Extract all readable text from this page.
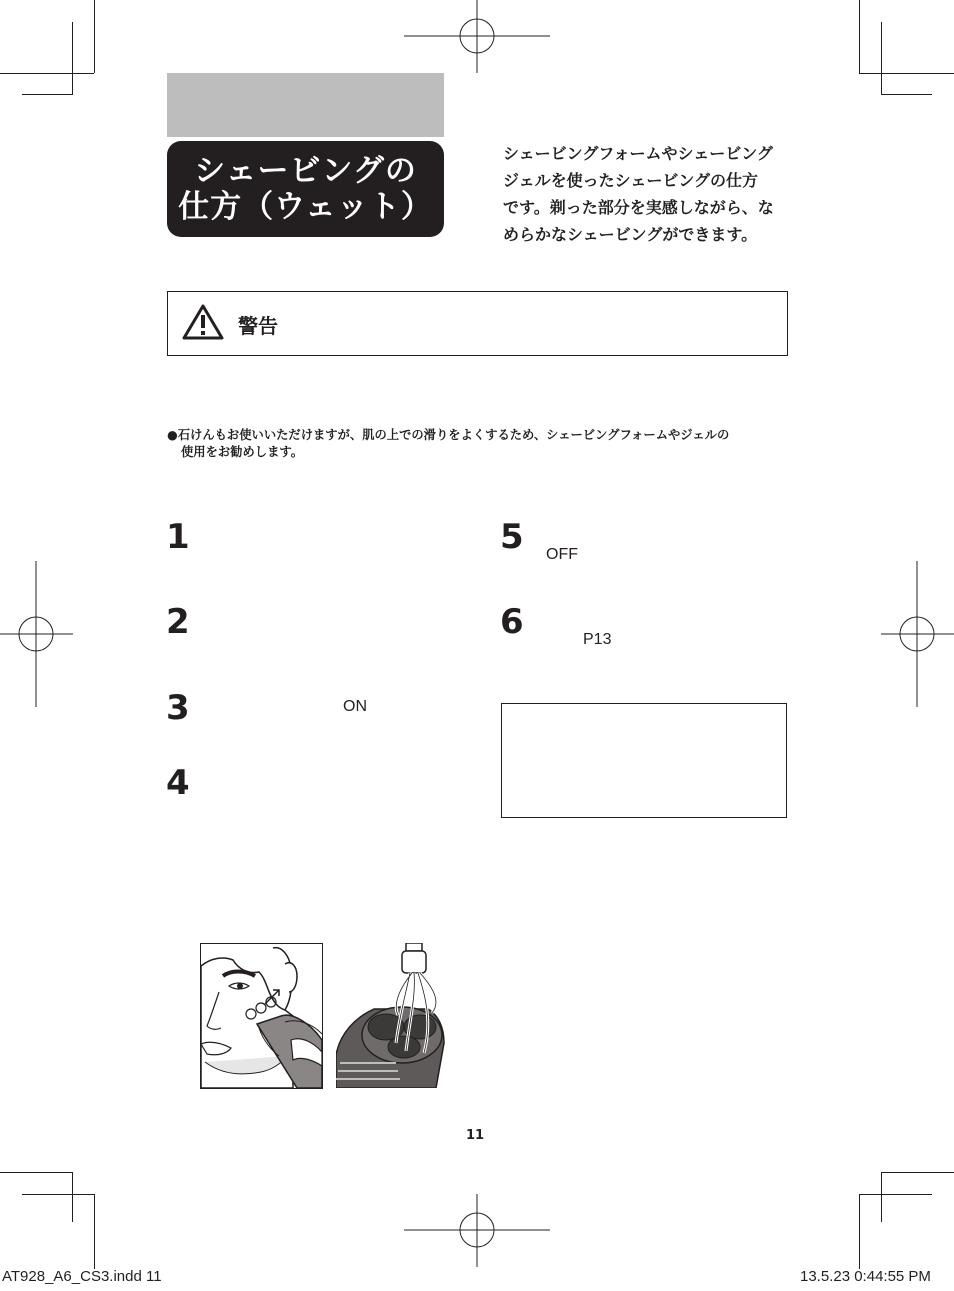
シェービングの
仕方（ウェット）
シェービングフォームやシェービング
ジェルを使ったシェービングの仕方
です。剃った部分を実感しながら、な
めらかなシェービングができます。
警告
●石けんもお使いいただけますが、肌の上での滑りをよくするため、シェービングフォームやジェルの
使用をお勧めします。
1
2
3	ON
4
5 OFF
6	P13
11
AT928_A6_CS3.indd 11	13.5.23 0:44:55 PM
